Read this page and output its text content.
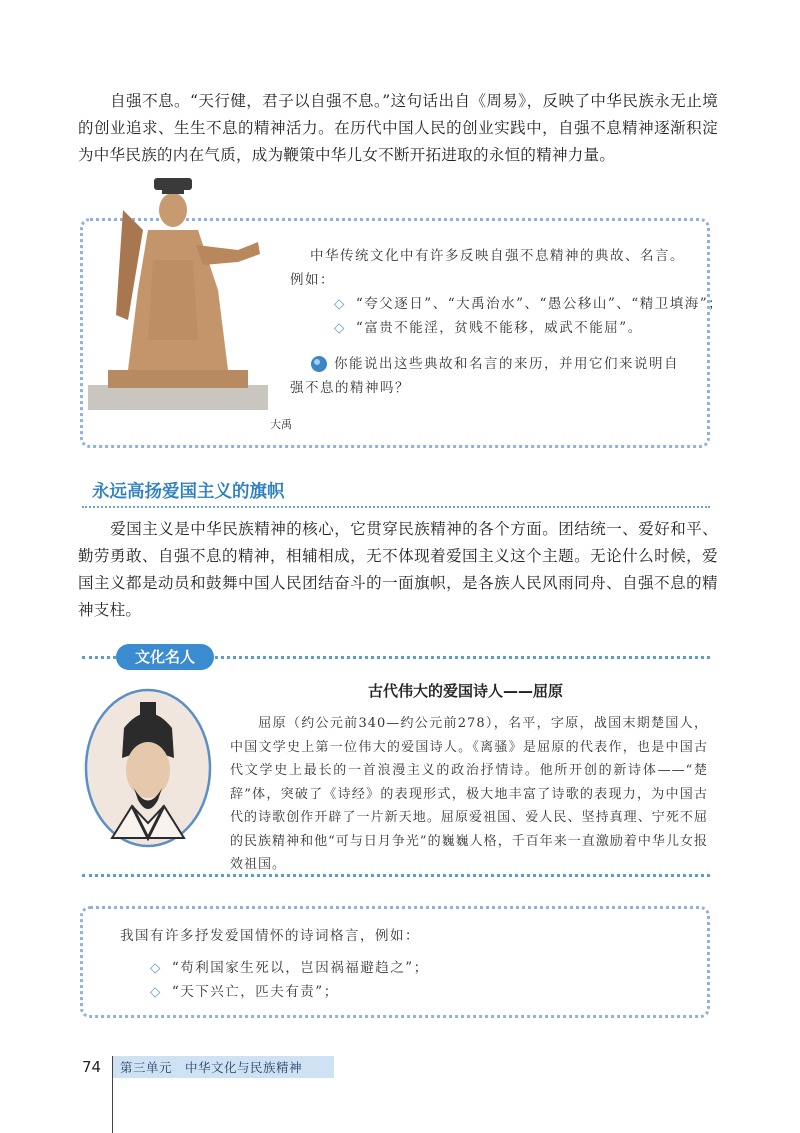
自强不息。“天行健，君子以自强不息。”这句话出自《周易》，反映了中华民族永无止境的创业追求、生生不息的精神活力。在历代中国人民的创业实践中，自强不息精神逐渐积淀为中华民族的内在气质，成为鞭策中华儿女不断开拓进取的永恒的精神力量。

大禹
中华传统文化中有许多反映自强不息精神的典故、名言。例如：
◇ “夸父逐日”、“大禹治水”、“愚公移山”、“精卫填海”；
◇ “富贵不能淫，贫贱不能移，威武不能屈”。
你能说出这些典故和名言的来历，并用它们来说明自强不息的精神吗？
永远高扬爱国主义的旗帜

爱国主义是中华民族精神的核心，它贯穿民族精神的各个方面。团结统一、爱好和平、勤劳勇敢、自强不息的精神，相辅相成，无不体现着爱国主义这个主题。无论什么时候，爱国主义都是动员和鼓舞中国人民团结奋斗的一面旗帜，是各族人民风雨同舟、自强不息的精神支柱。

文化名人
古代伟大的爱国诗人——屈原
屈原（约公元前340—约公元前278），名平，字原，战国末期楚国人，中国文学史上第一位伟大的爱国诗人。《离骚》是屈原的代表作，也是中国古代文学史上最长的一首浪漫主义的政治抒情诗。他所开创的新诗体——“楚辞”体，突破了《诗经》的表现形式，极大地丰富了诗歌的表现力，为中国古代的诗歌创作开辟了一片新天地。屈原爱祖国、爱人民、坚持真理、宁死不屈的民族精神和他“可与日月争光”的巍巍人格，千百年来一直激励着中华儿女报效祖国。
我国有许多抒发爱国情怀的诗词格言，例如：
◇ “苟利国家生死以，岂因祸福避趋之”；
◇ “天下兴亡，匹夫有责”；
74 第三单元　中华文化与民族精神
